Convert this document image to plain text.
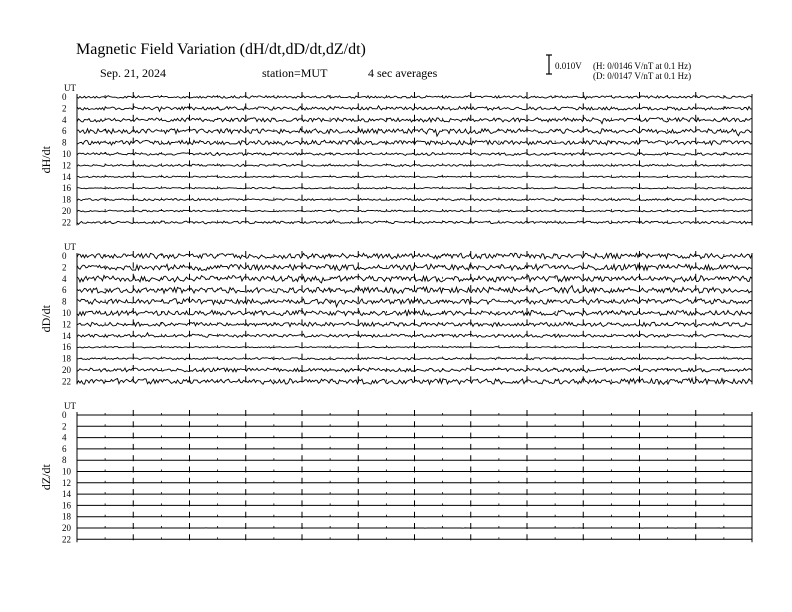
Magnetic Field Variation (dH/dt,dD/dt,dZ/dt)
Sep. 21, 2024	station=MUT	4 sec averages	0.010V (H: 0/0146 V/nT at 0.1 Hz)
(D: 0/0147 V/nT at 0.1 Hz)
UT
dH/dt
0
2
4
6
8
10
12
14
16
18
20
22
UT
dD/dt
0
2
4
6
8
10
12
14
16
18
20
22
UT
dZ/dt
0
2
4
6
8
10
12
14
16
18
20
22
